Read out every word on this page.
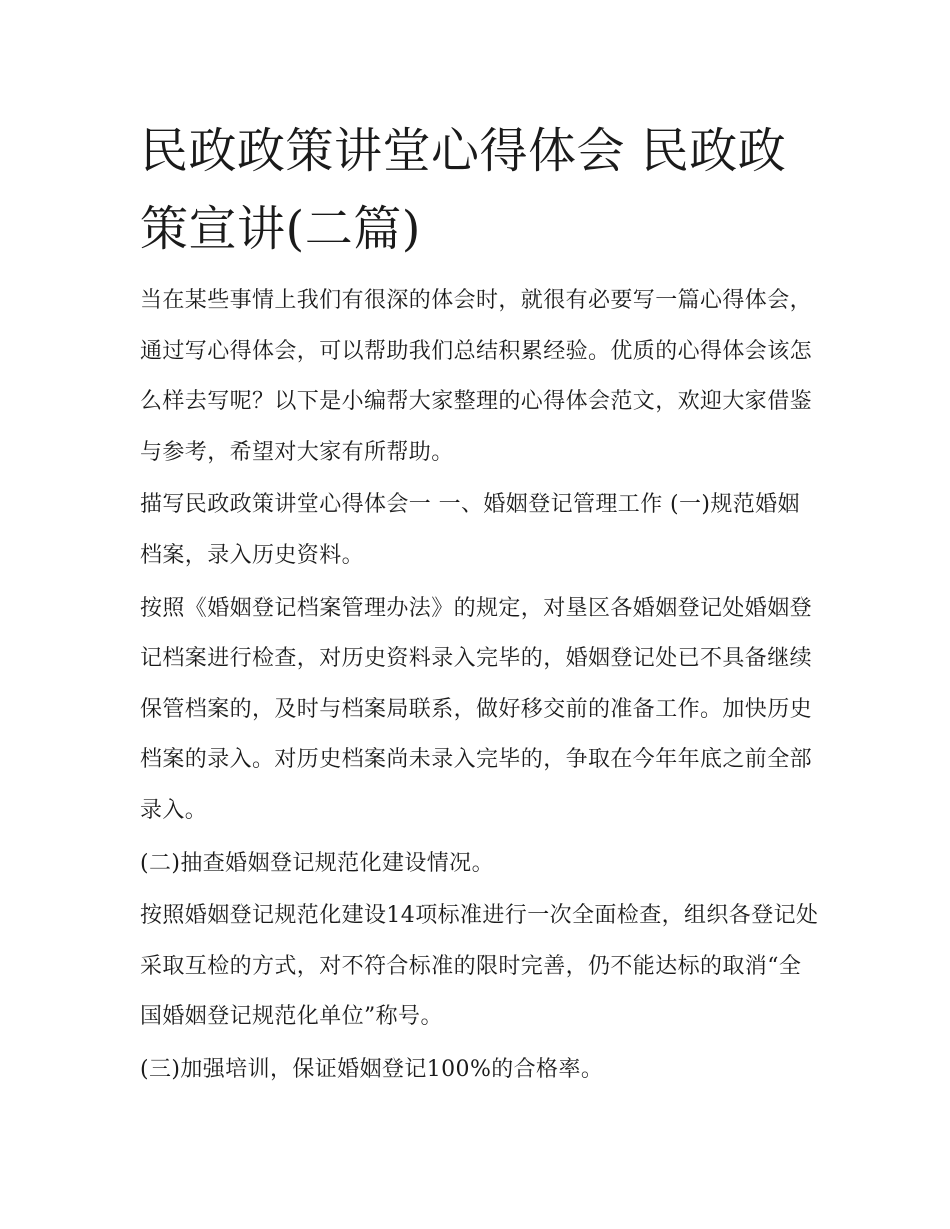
民政政策讲堂心得体会 民政政策宣讲(二篇)

当在某些事情上我们有很深的体会时，就很有必要写一篇心得体会，通过写心得体会，可以帮助我们总结积累经验。优质的心得体会该怎么样去写呢？以下是小编帮大家整理的心得体会范文，欢迎大家借鉴与参考，希望对大家有所帮助。

描写民政政策讲堂心得体会一 一、婚姻登记管理工作 (一)规范婚姻档案，录入历史资料。

按照《婚姻登记档案管理办法》的规定，对垦区各婚姻登记处婚姻登记档案进行检查，对历史资料录入完毕的，婚姻登记处已不具备继续保管档案的，及时与档案局联系，做好移交前的准备工作。加快历史档案的录入。对历史档案尚未录入完毕的，争取在今年年底之前全部录入。

(二)抽查婚姻登记规范化建设情况。

按照婚姻登记规范化建设14项标准进行一次全面检查，组织各登记处采取互检的方式，对不符合标准的限时完善，仍不能达标的取消“全国婚姻登记规范化单位”称号。

(三)加强培训，保证婚姻登记100%的合格率。
